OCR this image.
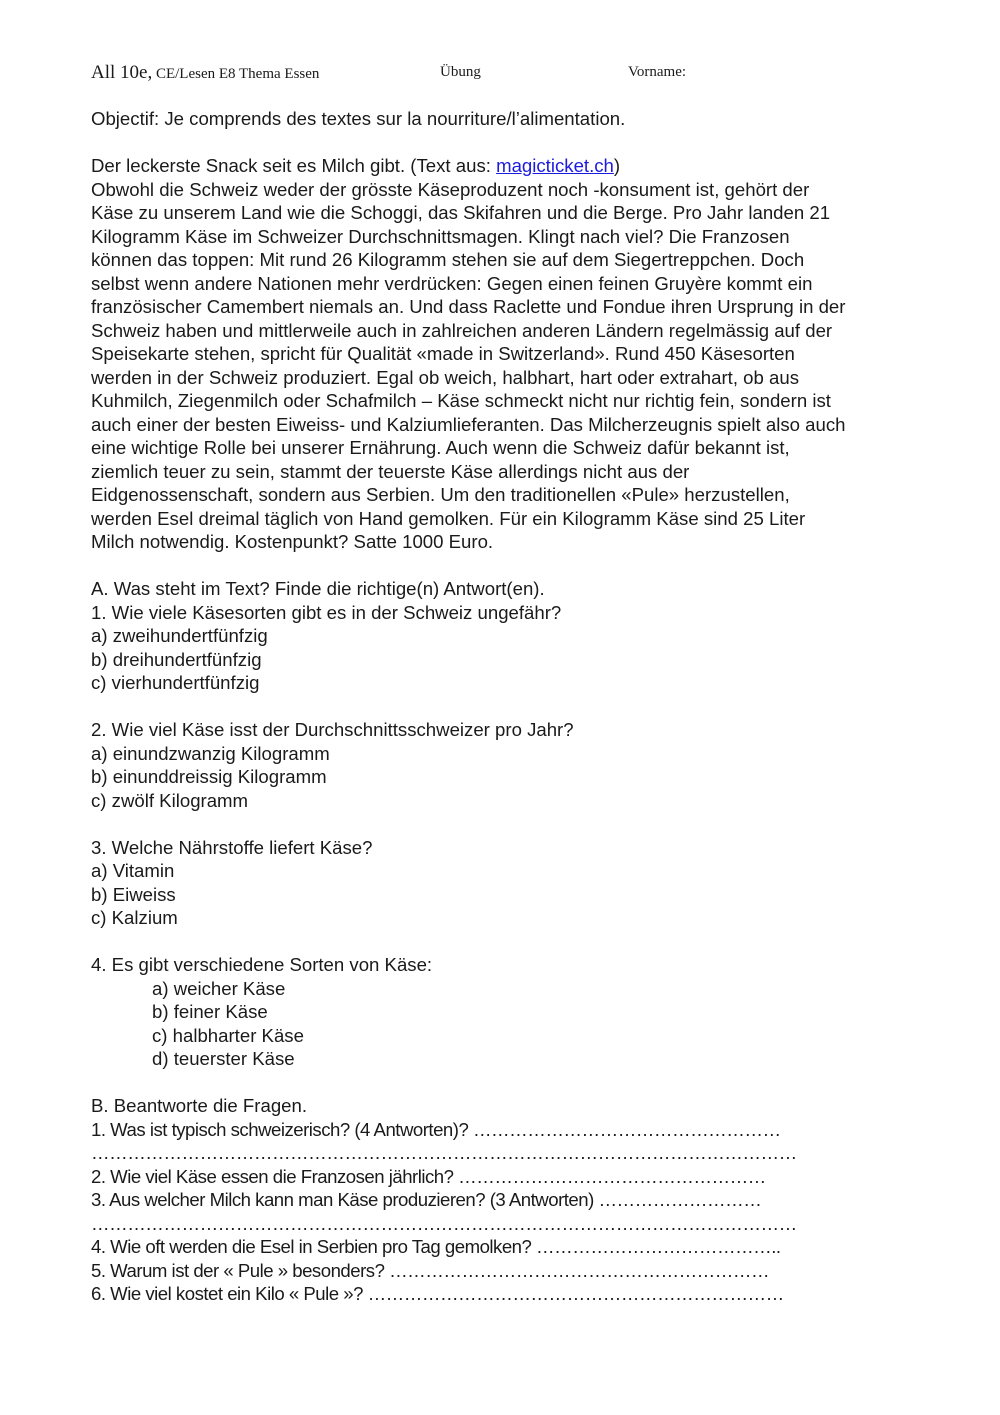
All 10e, CE/Lesen E8 Thema Essen	Übung	Vorname:
Objectif: Je comprends des textes sur la nourriture/l’alimentation.
Der leckerste Snack seit es Milch gibt. (Text aus: magicticket.ch)
Obwohl die Schweiz weder der grösste Käseproduzent noch -konsument ist, gehört der
Käse zu unserem Land wie die Schoggi, das Skifahren und die Berge. Pro Jahr landen 21
Kilogramm Käse im Schweizer Durchschnittsmagen. Klingt nach viel? Die Franzosen
können das toppen: Mit rund 26 Kilogramm stehen sie auf dem Siegertreppchen. Doch
selbst wenn andere Nationen mehr verdrücken: Gegen einen feinen Gruyère kommt ein
französischer Camembert niemals an. Und dass Raclette und Fondue ihren Ursprung in der
Schweiz haben und mittlerweile auch in zahlreichen anderen Ländern regelmässig auf der
Speisekarte stehen, spricht für Qualität «made in Switzerland». Rund 450 Käsesorten
werden in der Schweiz produziert. Egal ob weich, halbhart, hart oder extrahart, ob aus
Kuhmilch, Ziegenmilch oder Schafmilch – Käse schmeckt nicht nur richtig fein, sondern ist
auch einer der besten Eiweiss- und Kalziumlieferanten. Das Milcherzeugnis spielt also auch
eine wichtige Rolle bei unserer Ernährung. Auch wenn die Schweiz dafür bekannt ist,
ziemlich teuer zu sein, stammt der teuerste Käse allerdings nicht aus der
Eidgenossenschaft, sondern aus Serbien. Um den traditionellen «Pule» herzustellen,
werden Esel dreimal täglich von Hand gemolken. Für ein Kilogramm Käse sind 25 Liter
Milch notwendig. Kostenpunkt? Satte 1000 Euro.
A. Was steht im Text? Finde die richtige(n) Antwort(en).
1. Wie viele Käsesorten gibt es in der Schweiz ungefähr?
a) zweihundertfünfzig
b) dreihundertfünfzig
c) vierhundertfünfzig
2. Wie viel Käse isst der Durchschnittsschweizer pro Jahr?
a) einundzwanzig Kilogramm
b) einunddreissig Kilogramm
c) zwölf Kilogramm
3. Welche Nährstoffe liefert Käse?
a) Vitamin
b) Eiweiss
c) Kalzium
4. Es gibt verschiedene Sorten von Käse:
a) weicher Käse
b) feiner Käse
c) halbharter Käse
d) teuerster Käse
B. Beantworte die Fragen.
1. Was ist typisch schweizerisch? (4 Antworten)? ……………………………………………
………………………………………………………………………………………………………
2. Wie viel Käse essen die Franzosen jährlich? ……………………………………………
3. Aus welcher Milch kann man Käse produzieren? (3 Antworten) ………………………
………………………………………………………………………………………………………
4. Wie oft werden die Esel in Serbien pro Tag gemolken? …………………………………..
5. Warum ist der « Pule » besonders? ………………………………………………………
6. Wie viel kostet ein Kilo « Pule »? ……………………………………………………………
